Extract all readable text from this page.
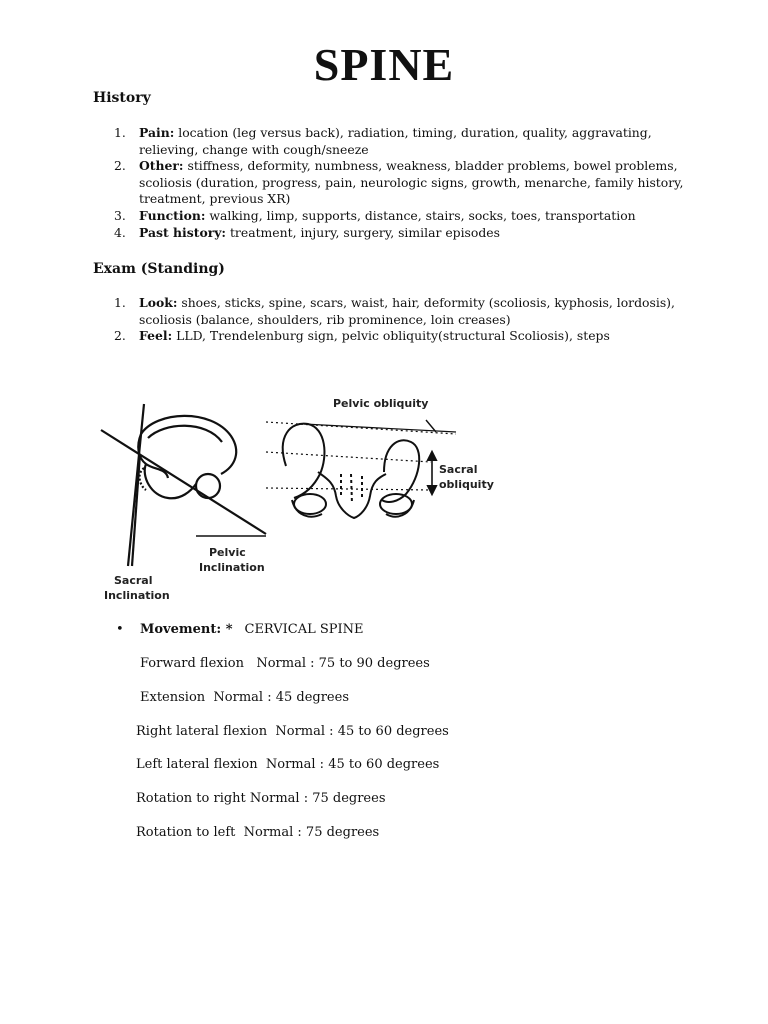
SPINE
History
1. Pain: location (leg versus back), radiation, timing, duration, quality, aggravating, relieving, change with cough/sneeze
2. Other: stiffness, deformity, numbness, weakness, bladder problems, bowel problems, scoliosis (duration, progress, pain, neurologic signs, growth, menarche, family history, treatment, previous XR)
3. Function: walking, limp, supports, distance, stairs, socks, toes, transportation
4. Past history: treatment, injury, surgery, similar episodes
Exam (Standing)
1. Look: shoes, sticks, spine, scars, waist, hair, deformity (scoliosis, kyphosis, lordosis), scoliosis (balance, shoulders, rib prominence, loin creases)
2. Feel: LLD, Trendelenburg sign, pelvic obliquity(structural Scoliosis), steps
Pelvic obliquity
Sacral
obliquity
Pelvic
Inclination
Sacral
Inclination
• Movement: * CERVICAL SPINE
Forward flexion   Normal : 75 to 90 degrees
Extension  Normal : 45 degrees
Right lateral flexion  Normal : 45 to 60 degrees
Left lateral flexion  Normal : 45 to 60 degrees
Rotation to right Normal : 75 degrees
Rotation to left  Normal : 75 degrees
